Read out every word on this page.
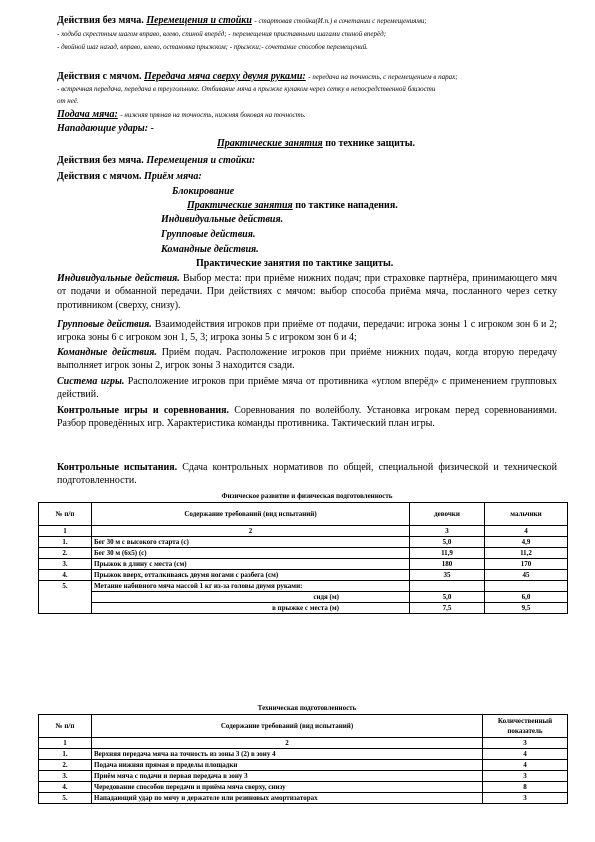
Действия без мяча. Перемещения и стойки - стартовая стойка(И.п.) в сочетании с перемещениями;
- ходьба скрестным шагом вправо, влево, спиной вперёд; - перемещения приставными шагами спиной вперёд;
- двойной шаг назад, вправо, влево, остановка прыжком; - прыжки;- сочетание способов перемещений.
Действия с мячом. Передача мяча сверху двумя руками: - передача на точность, с перемещением в парах;
- встречная передача, передача в треугольнике. Отбивание мяча в прыжке кулаком через сетку в непосредственной близости
от неё.
Подача мяча: - нижняя прямая на точность, нижняя боковая на точность.
Нападающие удары: -
Практические занятия по технике защиты.
Действия без мяча. Перемещения и стойки:
Действия с мячом. Приём мяча:
Блокирование
Практические занятия по тактике нападения.
Индивидуальные действия.
Групповые действия.
Командные действия.
Практические занятия по тактике защиты.
Индивидуальные действия. Выбор места: при приёме нижних подач; при страховке партнёра, принимающего мяч от подачи и обманной передачи. При действиях с мячом: выбор способа приёма мяча, посланного через сетку противником (сверху, снизу).
Групповые действия. Взаимодействия игроков при приёме от подачи, передачи: игрока зоны 1 с игроком зон 6 и 2; игрока зоны 6 с игроком зон 1, 5, 3; игрока зоны 5 с игроком зон 6 и 4;
Командные действия. Приём подач. Расположение игроков при приёме нижних подач, когда вторую передачу выполняет игрок зоны 2, игрок зоны 3 находится сзади.
Система игры. Расположение игроков при приёме мяча от противника «углом вперёд» с применением групповых действий.
Контрольные игры и соревнования. Соревнования по волейболу. Установка игрокам перед соревнованиями. Разбор проведённых игр. Характеристика команды противника. Тактический план игры.
Контрольные испытания. Сдача контрольных нормативов по общей, специальной физической и технической подготовленности.
Физическое развитие и физическая подготовленность
№ п/п	Содержание требований (вид испытаний)	девочки	мальчики
1	2	3	4
1.	Бег 30 м с высокого старта (с)	5,0	4,9
2.	Бег 30 м (6х5) (с)	11,9	11,2
3.	Прыжок в длину с места (см)	180	170
4.	Прыжок вверх, отталкиваясь двумя ногами с разбега (см)	35	45
5.	Метание набивного мяча массой 1 кг из-за головы двумя руками:		
	сидя (м)	5,0	6,0
	в прыжке с места (м)	7,5	9,5
Техническая подготовленность
№ п/п	Содержание требований (вид испытаний)	Количественный показатель
1	2	3
1.	Верхняя передача мяча на точность из зоны 3 (2) в зону 4	4
2.	Подача нижняя прямая в пределы площадки	4
3.	Приём мяча с подачи и первая передача в зону 3	3
4.	Чередование способов передачи и приёма мяча сверху, снизу	8
5.	Нападающий удар по мячу и держателе или резиновых амортизаторах	3
